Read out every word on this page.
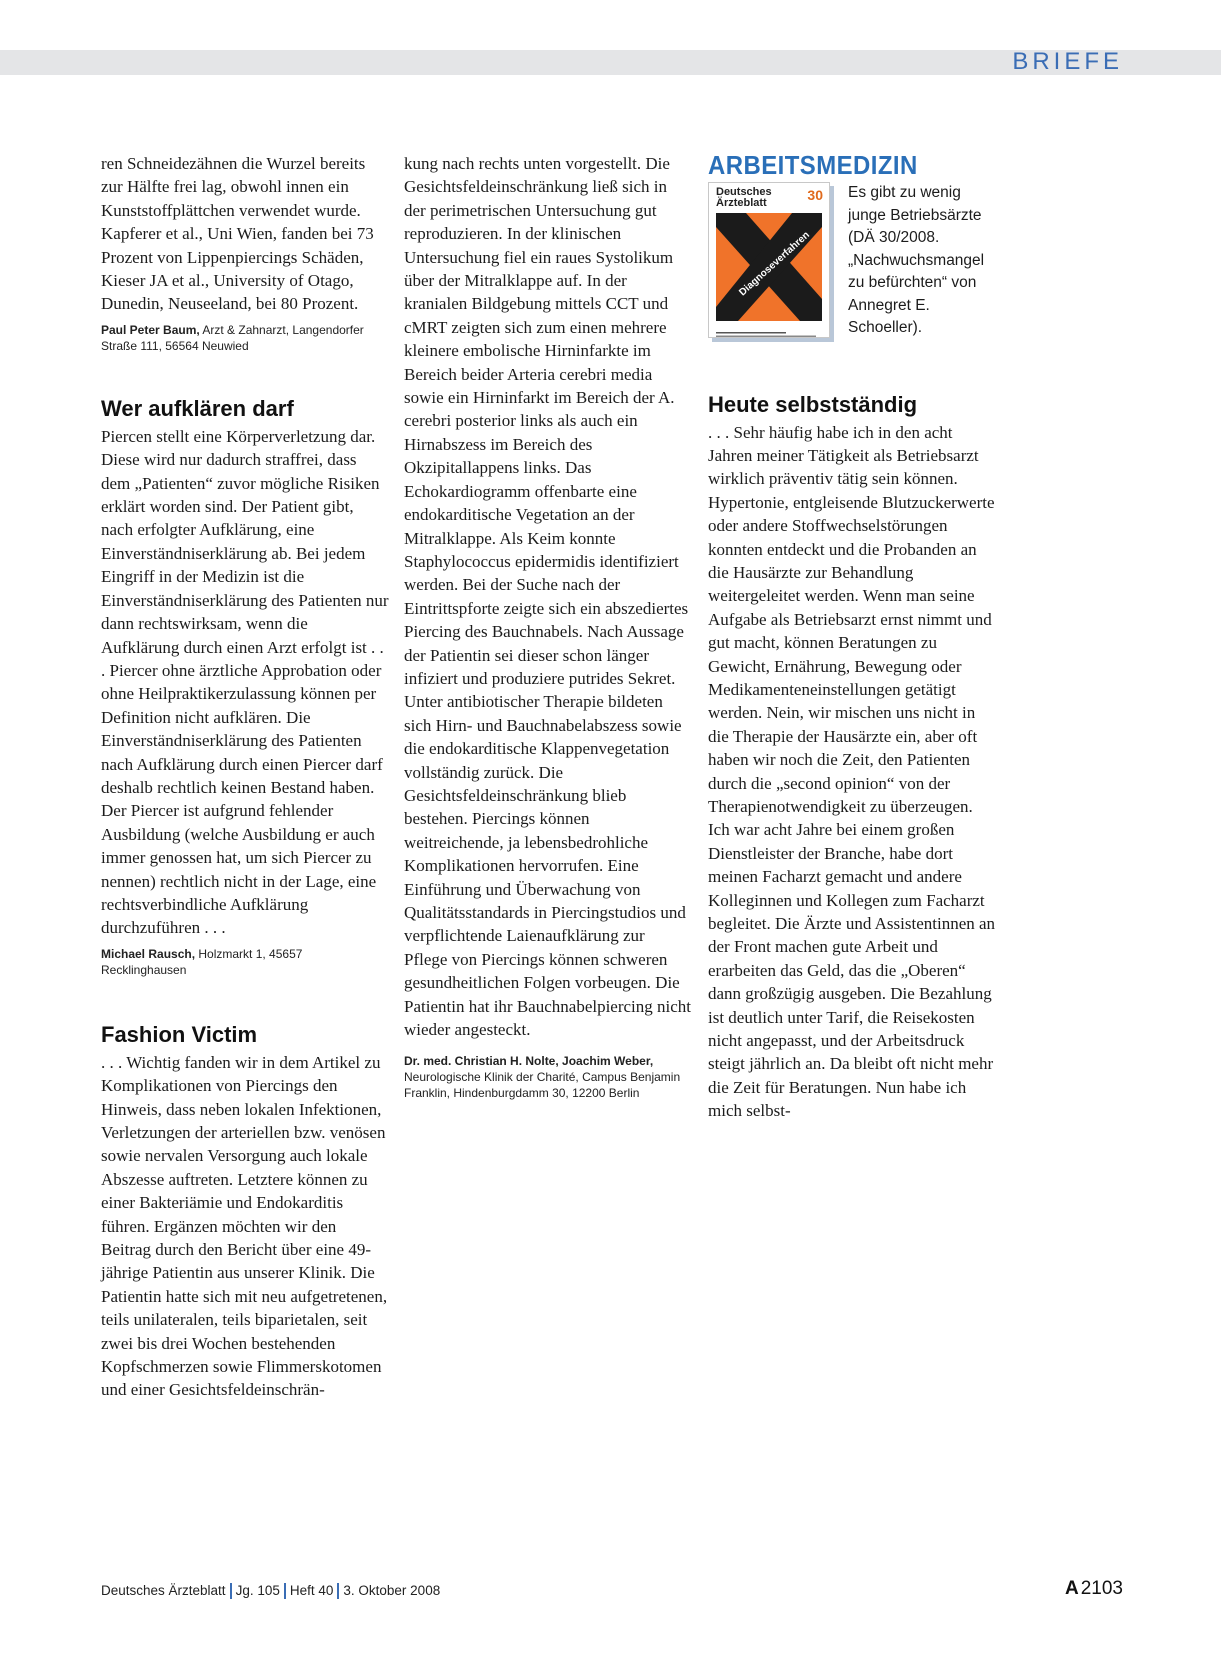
BRIEFE

ren Schneidezähnen die Wurzel bereits zur Hälfte frei lag, obwohl innen ein Kunststoffplättchen verwendet wurde. Kapferer et al., Uni Wien, fanden bei 73 Prozent von Lippenpiercings Schäden, Kieser JA et al., University of Otago, Dunedin, Neuseeland, bei 80 Prozent.

Paul Peter Baum, Arzt & Zahnarzt, Langendorfer Straße 111, 56564 Neuwied

Wer aufklären darf

Piercen stellt eine Körperverletzung dar. Diese wird nur dadurch straffrei, dass dem „Patienten“ zuvor mögliche Risiken erklärt worden sind. Der Patient gibt, nach erfolgter Aufklärung, eine Einverständniserklärung ab. Bei jedem Eingriff in der Medizin ist die Einverständniserklärung des Patienten nur dann rechtswirksam, wenn die Aufklärung durch einen Arzt erfolgt ist . . . Piercer ohne ärztliche Approbation oder ohne Heilpraktikerzulassung können per Definition nicht aufklären. Die Einverständniserklärung des Patienten nach Aufklärung durch einen Piercer darf deshalb rechtlich keinen Bestand haben. Der Piercer ist aufgrund fehlender Ausbildung (welche Ausbildung er auch immer genossen hat, um sich Piercer zu nennen) rechtlich nicht in der Lage, eine rechtsverbindliche Aufklärung durchzuführen . . .

Michael Rausch, Holzmarkt 1, 45657 Recklinghausen

Fashion Victim

. . . Wichtig fanden wir in dem Artikel zu Komplikationen von Piercings den Hinweis, dass neben lokalen Infektionen, Verletzungen der arteriellen bzw. venösen sowie nervalen Versorgung auch lokale Abszesse auftreten. Letztere können zu einer Bakteriämie und Endokarditis führen. Ergänzen möchten wir den Beitrag durch den Bericht über eine 49-jährige Patientin aus unserer Klinik. Die Patientin hatte sich mit neu aufgetretenen, teils unilateralen, teils biparietalen, seit zwei bis drei Wochen bestehenden Kopfschmerzen sowie Flimmerskotomen und einer Gesichtsfeldeinschrän-

kung nach rechts unten vorgestellt. Die Gesichtsfeldeinschränkung ließ sich in der perimetrischen Untersuchung gut reproduzieren. In der klinischen Untersuchung fiel ein raues Systolikum über der Mitralklappe auf. In der kranialen Bildgebung mittels CCT und cMRT zeigten sich zum einen mehrere kleinere embolische Hirninfarkte im Bereich beider Arteria cerebri media sowie ein Hirninfarkt im Bereich der A. cerebri posterior links als auch ein Hirnabszess im Bereich des Okzipitallappens links. Das Echokardiogramm offenbarte eine endokarditische Vegetation an der Mitralklappe. Als Keim konnte Staphylococcus epidermidis identifiziert werden. Bei der Suche nach der Eintrittspforte zeigte sich ein abszediertes Piercing des Bauchnabels. Nach Aussage der Patientin sei dieser schon länger infiziert und produziere putrides Sekret. Unter antibiotischer Therapie bildeten sich Hirn- und Bauchnabelabszess sowie die endokarditische Klappenvegetation vollständig zurück. Die Gesichtsfeldeinschränkung blieb bestehen. Piercings können weitreichende, ja lebensbedrohliche Komplikationen hervorrufen. Eine Einführung und Überwachung von Qualitätsstandards in Piercingstudios und verpflichtende Laienaufklärung zur Pflege von Piercings können schweren gesundheitlichen Folgen vorbeugen. Die Patientin hat ihr Bauchnabelpiercing nicht wieder angesteckt.

Dr. med. Christian H. Nolte, Joachim Weber, Neurologische Klinik der Charité, Campus Benjamin Franklin, Hindenburgdamm 30, 12200 Berlin

ARBEITSMEDIZIN
Deutsches
Ärzteblatt	30
Diagnoseverfahren

Es gibt zu wenig junge Betriebsärzte (DÄ 30/2008. „Nachwuchsmangel zu befürchten“ von Annegret E. Schoeller).

Heute selbstständig

. . . Sehr häufig habe ich in den acht Jahren meiner Tätigkeit als Betriebsarzt wirklich präventiv tätig sein können. Hypertonie, entgleisende Blutzuckerwerte oder andere Stoffwechselstörungen konnten entdeckt und die Probanden an die Hausärzte zur Behandlung weitergeleitet werden. Wenn man seine Aufgabe als Betriebsarzt ernst nimmt und gut macht, können Beratungen zu Gewicht, Ernährung, Bewegung oder Medikamenteneinstellungen getätigt werden. Nein, wir mischen uns nicht in die Therapie der Hausärzte ein, aber oft haben wir noch die Zeit, den Patienten durch die „second opinion“ von der Therapienotwendigkeit zu überzeugen. Ich war acht Jahre bei einem großen Dienstleister der Branche, habe dort meinen Facharzt gemacht und andere Kolleginnen und Kollegen zum Facharzt begleitet. Die Ärzte und Assistentinnen an der Front machen gute Arbeit und erarbeiten das Geld, das die „Oberen“ dann großzügig ausgeben. Die Bezahlung ist deutlich unter Tarif, die Reisekosten nicht angepasst, und der Arbeitsdruck steigt jährlich an. Da bleibt oft nicht mehr die Zeit für Beratungen. Nun habe ich mich selbst-

Deutsches Ärzteblatt Jg. 105 Heft 40 3. Oktober 2008	A 2103
